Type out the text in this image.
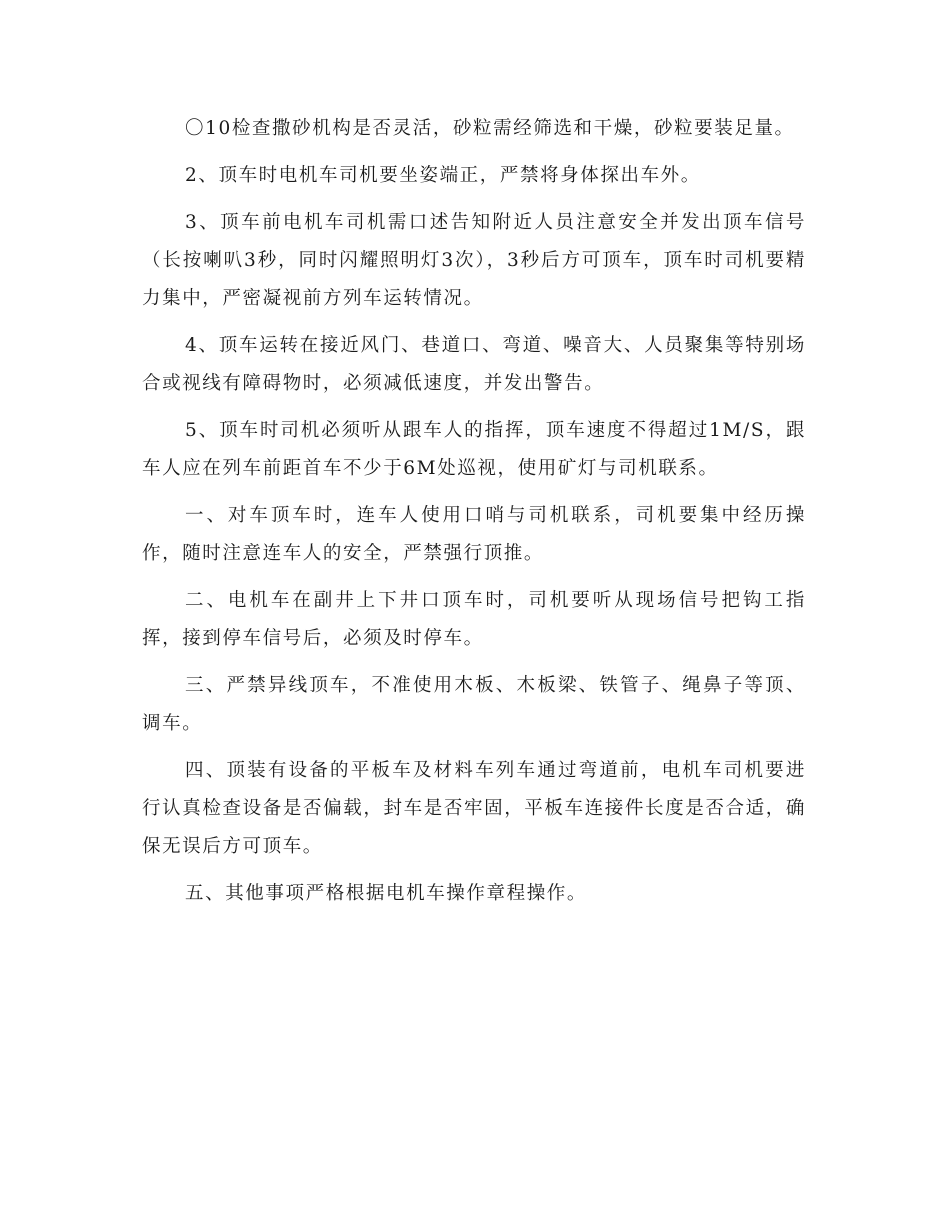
〇10检查撒砂机构是否灵活，砂粒需经筛选和干燥，砂粒要装足量。

2、顶车时电机车司机要坐姿端正，严禁将身体探出车外。

3、顶车前电机车司机需口述告知附近人员注意安全并发出顶车信号（长按喇叭3秒，同时闪耀照明灯3次），3秒后方可顶车，顶车时司机要精力集中，严密凝视前方列车运转情况。

4、顶车运转在接近风门、巷道口、弯道、噪音大、人员聚集等特别场合或视线有障碍物时，必须减低速度，并发出警告。

5、顶车时司机必须听从跟车人的指挥，顶车速度不得超过1M/S，跟车人应在列车前距首车不少于6M处巡视，使用矿灯与司机联系。

一、对车顶车时，连车人使用口哨与司机联系，司机要集中经历操作，随时注意连车人的安全，严禁强行顶推。

二、电机车在副井上下井口顶车时，司机要听从现场信号把钩工指挥，接到停车信号后，必须及时停车。

三、严禁异线顶车，不准使用木板、木板梁、铁管子、绳鼻子等顶、调车。

四、顶装有设备的平板车及材料车列车通过弯道前，电机车司机要进行认真检查设备是否偏载，封车是否牢固，平板车连接件长度是否合适，确保无误后方可顶车。

五、其他事项严格根据电机车操作章程操作。
